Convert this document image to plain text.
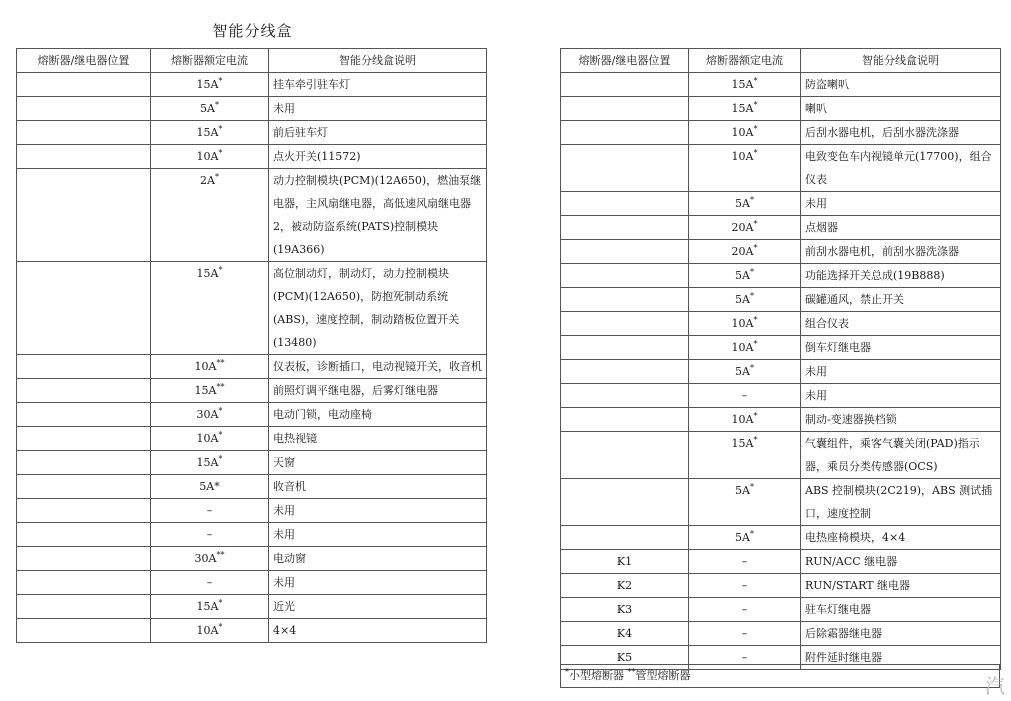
智能分线盒
熔断器/继电器位置	熔断器额定电流	智能分线盒说明
	15A*	挂车牵引驻车灯
	5A*	未用
	15A*	前后驻车灯
	10A*	点火开关(11572)
	2A*	动力控制模块(PCM)(12A650)，燃油泵继电器，主风扇继电器，高低速风扇继电器 2，被动防盗系统(PATS)控制模块(19A366)
	15A*	高位制动灯，制动灯，动力控制模块(PCM)(12A650)，防抱死制动系统(ABS)，速度控制，制动踏板位置开关(13480)
	10A**	仪表板，诊断插口，电动视镜开关，收音机
	15A**	前照灯调平继电器，后雾灯继电器
	30A*	电动门锁，电动座椅
	10A*	电热视镜
	15A*	天窗
	5A*	收音机
	–	未用
	–	未用
	30A**	电动窗
	–	未用
	15A*	近光
	10A*	4×4
熔断器/继电器位置	熔断器额定电流	智能分线盒说明
	15A*	防盗喇叭
	15A*	喇叭
	10A*	后刮水器电机，后刮水器洗涤器
	10A*	电致变色车内视镜单元(17700)，组合仪表
	5A*	未用
	20A*	点烟器
	20A*	前刮水器电机，前刮水器洗涤器
	5A*	功能选择开关总成(19B888)
	5A*	碳罐通风，禁止开关
	10A*	组合仪表
	10A*	倒车灯继电器
	5A*	未用
	–	未用
	10A*	制动-变速器换档锁
	15A*	气囊组件，乘客气囊关闭(PAD)指示器，乘员分类传感器(OCS)
	5A*	ABS 控制模块(2C219)，ABS 测试插口，速度控制
	5A*	电热座椅模块，4×4
K1	–	RUN/ACC 继电器
K2	–	RUN/START 继电器
K3	–	驻车灯继电器
K4	–	后除霜器继电器
K5	–	附件延时继电器
*小型熔断器 **管型熔断器	汽
